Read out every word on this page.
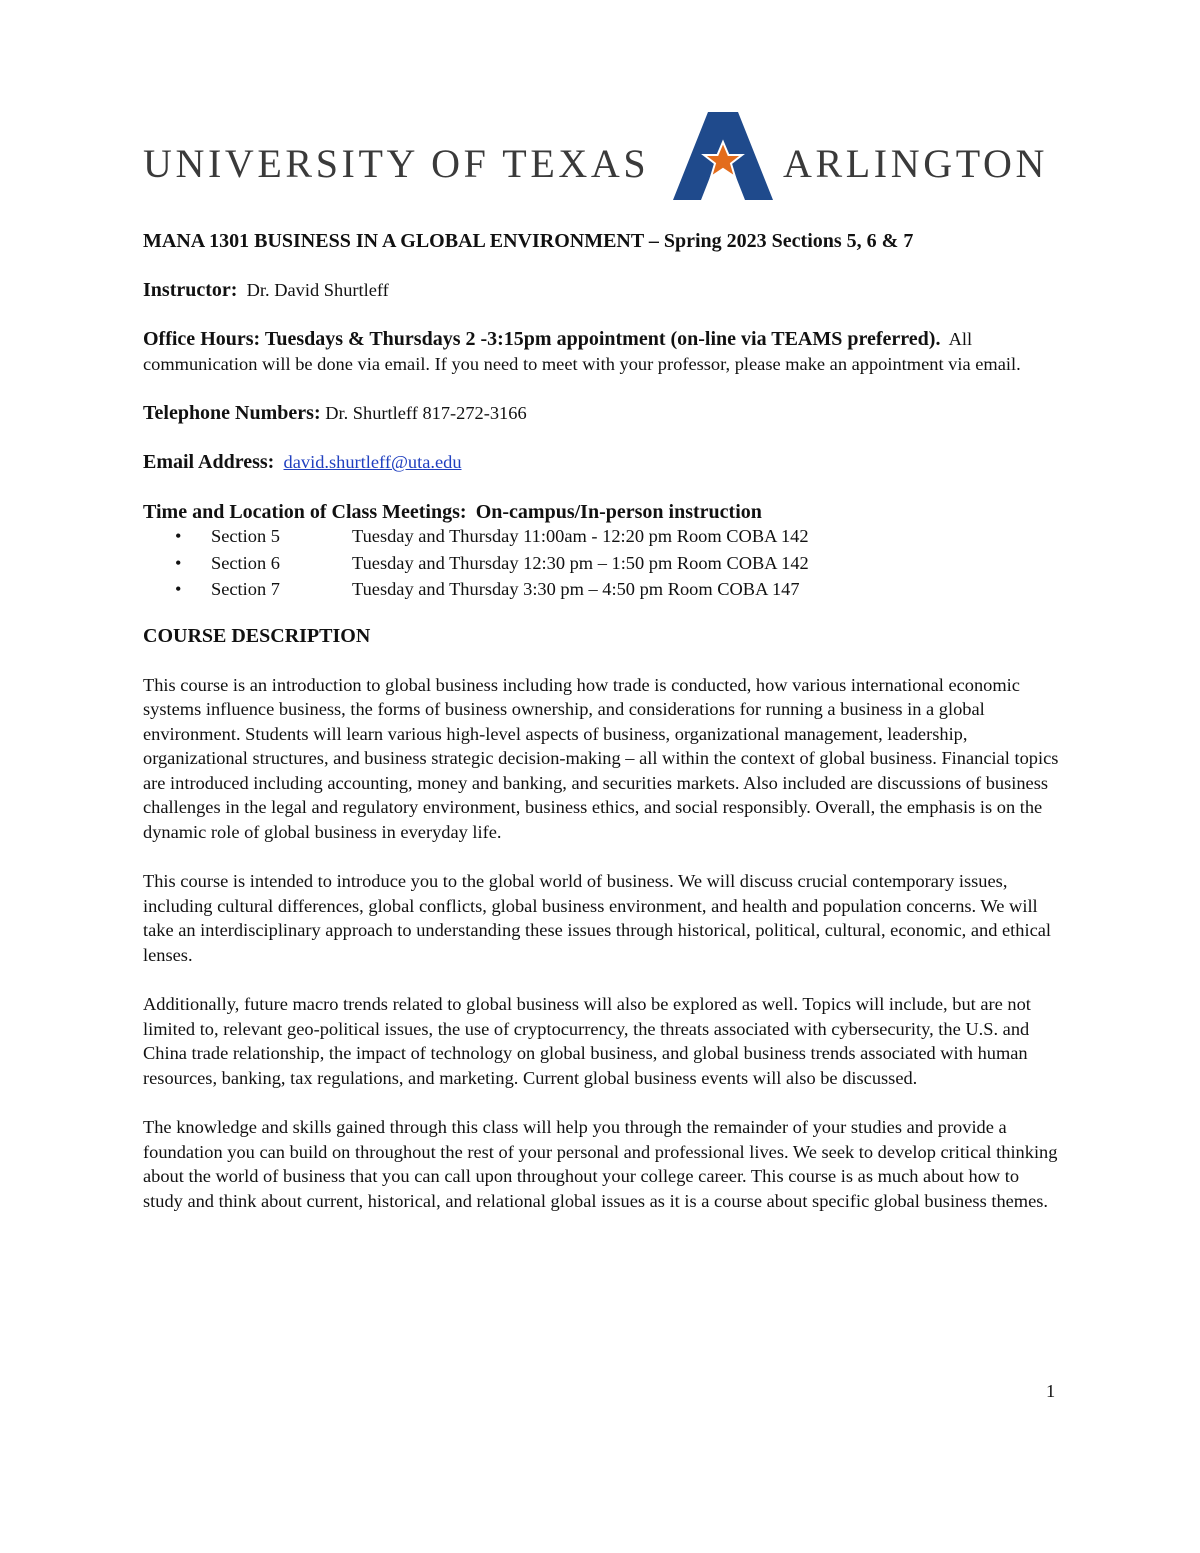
UNIVERSITY OF TEXAS	ARLINGTON

MANA 1301 BUSINESS IN A GLOBAL ENVIRONMENT – Spring 2023 Sections 5, 6 & 7

Instructor: Dr. David Shurtleff

Office Hours: Tuesdays & Thursdays 2 -3:15pm appointment (on-line via TEAMS preferred). All communication will be done via email. If you need to meet with your professor, please make an appointment via email.

Telephone Numbers: Dr. Shurtleff 817-272-3166

Email Address: david.shurtleff@uta.edu

Time and Location of Class Meetings: On-campus/In-person instruction

• Section 5	Tuesday and Thursday 11:00am - 12:20 pm Room COBA 142
• Section 6	Tuesday and Thursday 12:30 pm – 1:50 pm Room COBA 142
• Section 7	Tuesday and Thursday 3:30 pm – 4:50 pm Room COBA 147
COURSE DESCRIPTION

This course is an introduction to global business including how trade is conducted, how various international economic systems influence business, the forms of business ownership, and considerations for running a business in a global environment. Students will learn various high-level aspects of business, organizational management, leadership, organizational structures, and business strategic decision-making – all within the context of global business. Financial topics are introduced including accounting, money and banking, and securities markets. Also included are discussions of business challenges in the legal and regulatory environment, business ethics, and social responsibly. Overall, the emphasis is on the dynamic role of global business in everyday life.

This course is intended to introduce you to the global world of business. We will discuss crucial contemporary issues, including cultural differences, global conflicts, global business environment, and health and population concerns. We will take an interdisciplinary approach to understanding these issues through historical, political, cultural, economic, and ethical lenses.

Additionally, future macro trends related to global business will also be explored as well. Topics will include, but are not limited to, relevant geo-political issues, the use of cryptocurrency, the threats associated with cybersecurity, the U.S. and China trade relationship, the impact of technology on global business, and global business trends associated with human resources, banking, tax regulations, and marketing. Current global business events will also be discussed.

The knowledge and skills gained through this class will help you through the remainder of your studies and provide a foundation you can build on throughout the rest of your personal and professional lives. We seek to develop critical thinking about the world of business that you can call upon throughout your college career. This course is as much about how to study and think about current, historical, and relational global issues as it is a course about specific global business themes.

1
